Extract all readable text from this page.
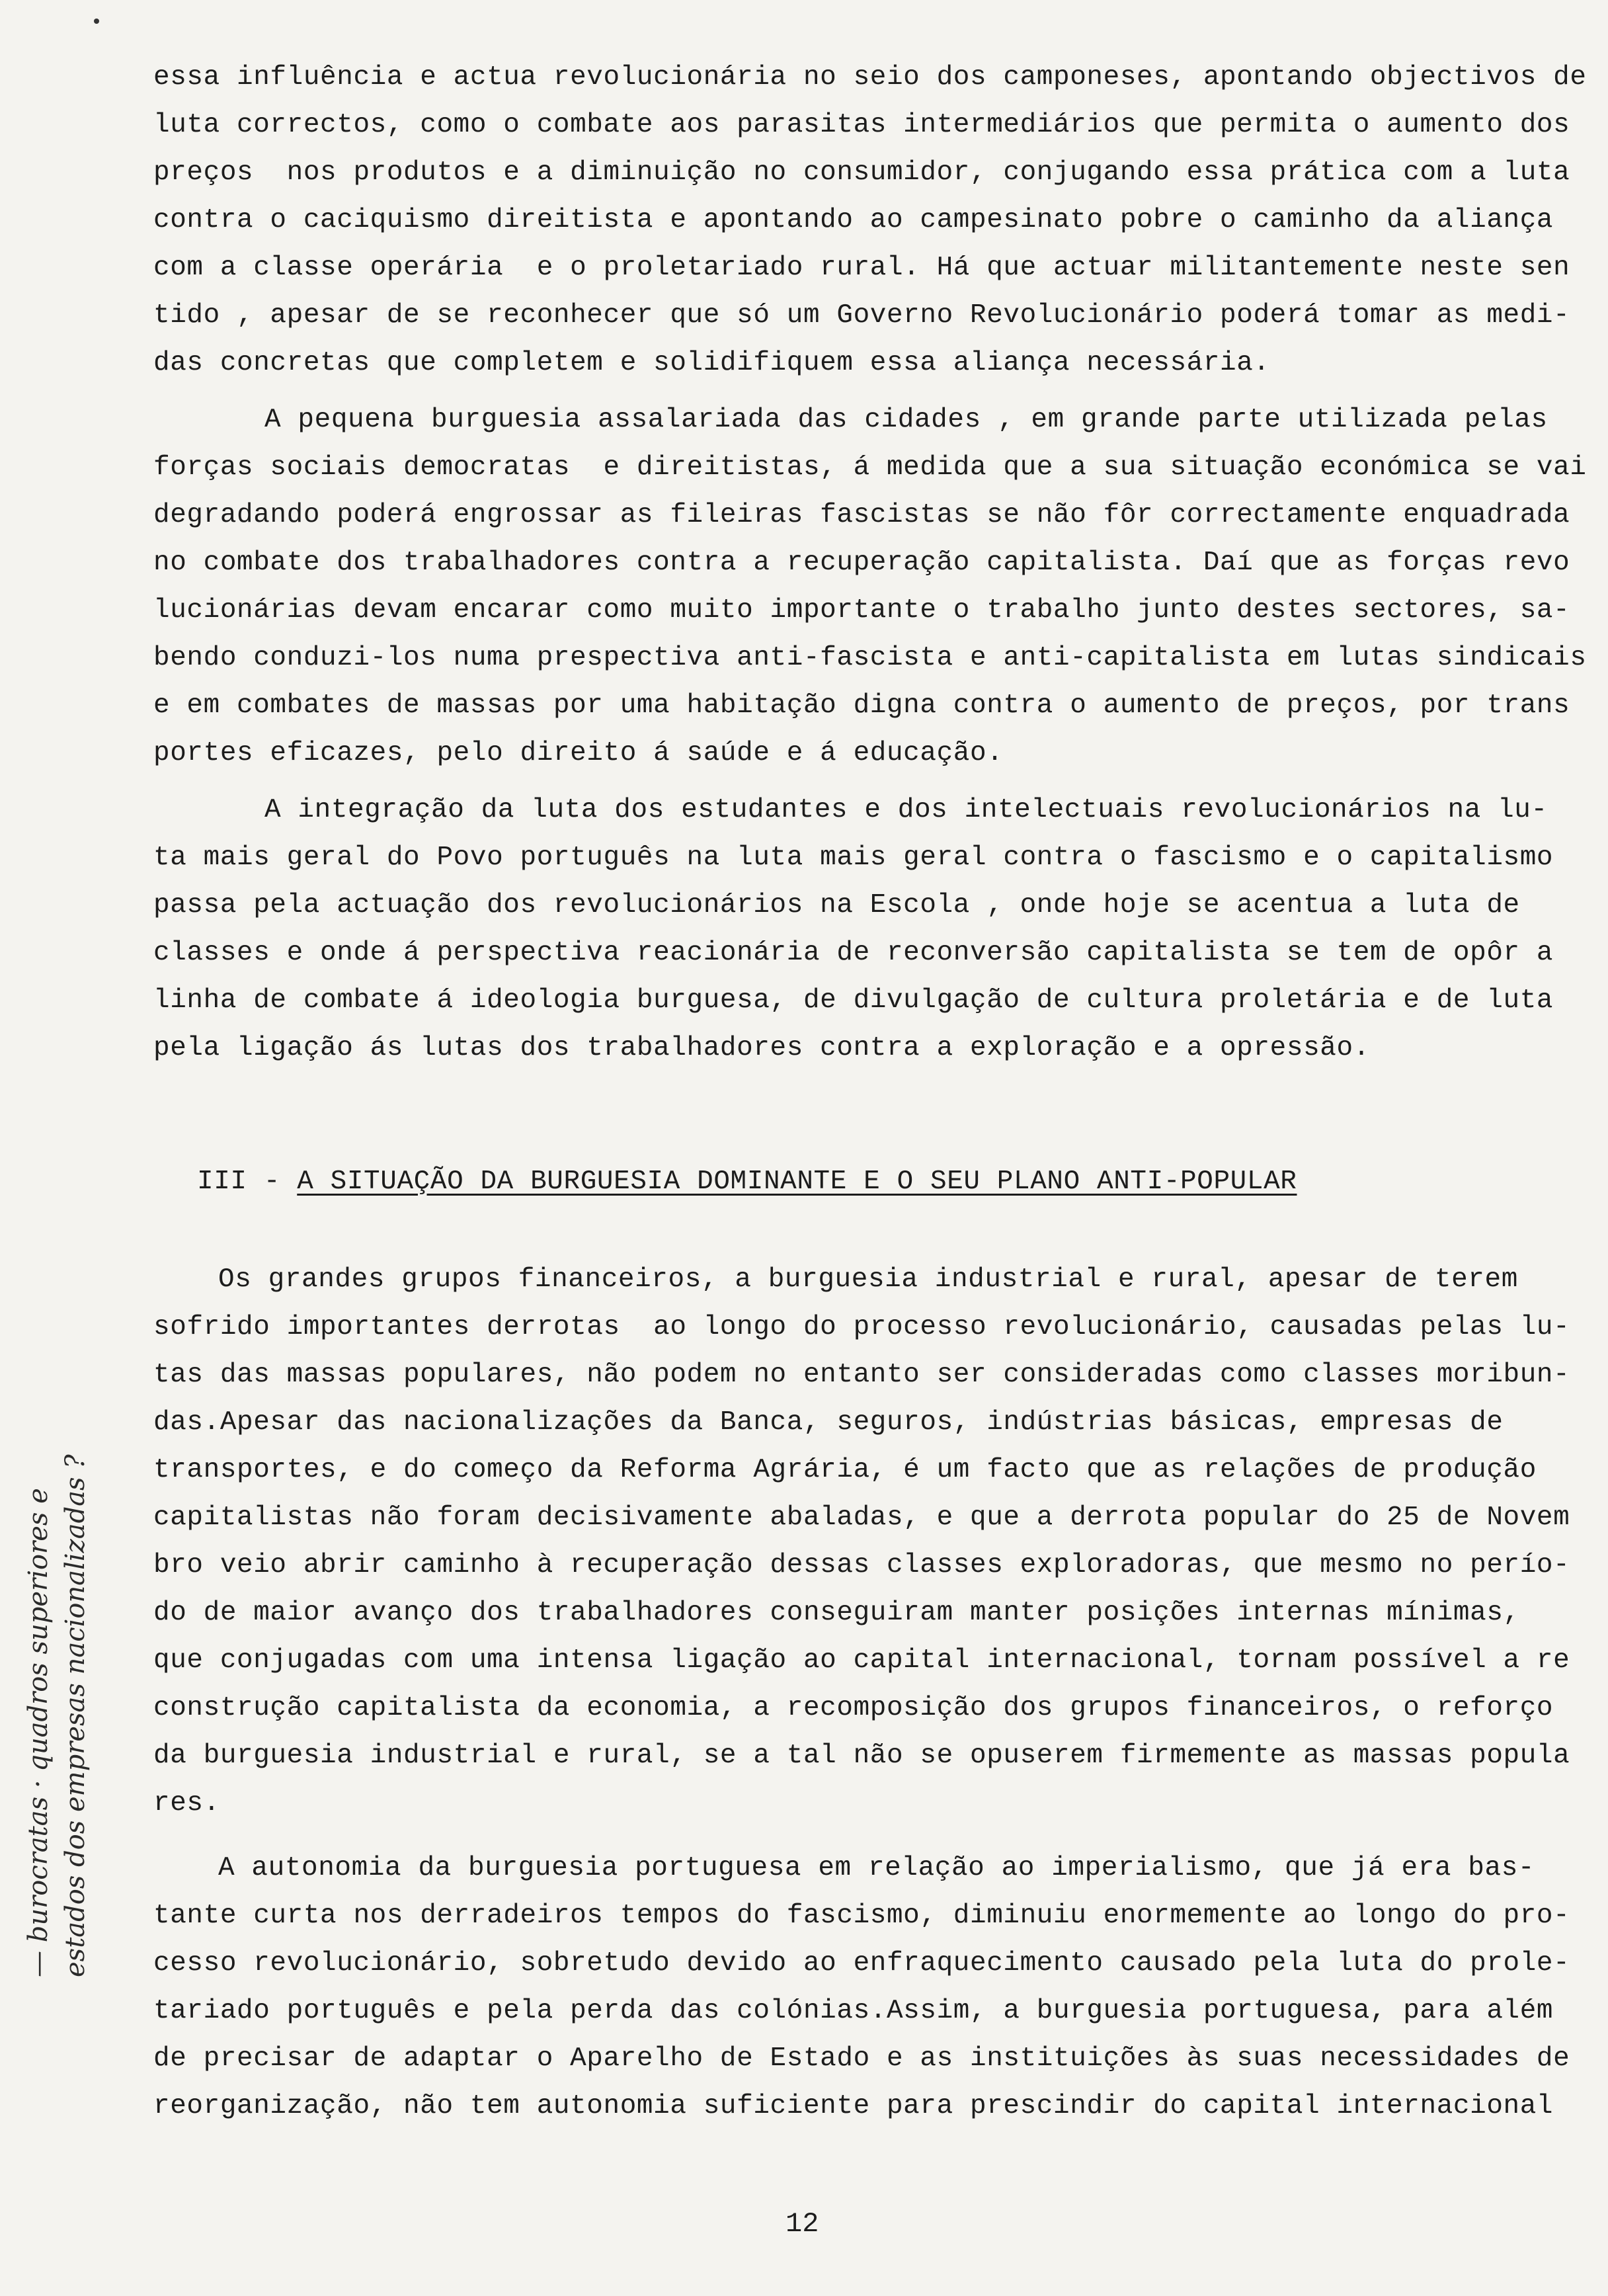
essa influência e actua revolucionária no seio dos camponeses, apontando objectivos de
luta correctos, como o combate aos parasitas intermediários que permita o aumento dos
preços  nos produtos e a diminuição no consumidor, conjugando essa prática com a luta
contra o caciquismo direitista e apontando ao campesinato pobre o caminho da aliança
com a classe operária  e o proletariado rural. Há que actuar militantemente neste sen
tido , apesar de se reconhecer que só um Governo Revolucionário poderá tomar as medi-
das concretas que completem e solidifiquem essa aliança necessária.
A pequena burguesia assalariada das cidades , em grande parte utilizada pelas
forças sociais democratas  e direitistas, á medida que a sua situação económica se vai
degradando poderá engrossar as fileiras fascistas se não fôr correctamente enquadrada
no combate dos trabalhadores contra a recuperação capitalista. Daí que as forças revo
lucionárias devam encarar como muito importante o trabalho junto destes sectores, sa-
bendo conduzi-los numa prespectiva anti-fascista e anti-capitalista em lutas sindicais
e em combates de massas por uma habitação digna contra o aumento de preços, por trans
portes eficazes, pelo direito á saúde e á educação.
A integração da luta dos estudantes e dos intelectuais revolucionários na lu-
ta mais geral do Povo português na luta mais geral contra o fascismo e o capitalismo
passa pela actuação dos revolucionários na Escola , onde hoje se acentua a luta de
classes e onde á perspectiva reacionária de reconversão capitalista se tem de opôr a
linha de combate á ideologia burguesa, de divulgação de cultura proletária e de luta
pela ligação ás lutas dos trabalhadores contra a exploração e a opressão.
III - A SITUAÇÃO DA BURGUESIA DOMINANTE E O SEU PLANO ANTI-POPULAR
Os grandes grupos financeiros, a burguesia industrial e rural, apesar de terem
sofrido importantes derrotas  ao longo do processo revolucionário, causadas pelas lu-
tas das massas populares, não podem no entanto ser consideradas como classes moribun-
das.Apesar das nacionalizações da Banca, seguros, indústrias básicas, empresas de
transportes, e do começo da Reforma Agrária, é um facto que as relações de produção
capitalistas não foram decisivamente abaladas, e que a derrota popular do 25 de Novem
bro veio abrir caminho à recuperação dessas classes exploradoras, que mesmo no perío-
do de maior avanço dos trabalhadores conseguiram manter posições internas mínimas,
que conjugadas com uma intensa ligação ao capital internacional, tornam possível a re
construção capitalista da economia, a recomposição dos grupos financeiros, o reforço
da burguesia industrial e rural, se a tal não se opuserem firmemente as massas popula
res.
A autonomia da burguesia portuguesa em relação ao imperialismo, que já era bas-
tante curta nos derradeiros tempos do fascismo, diminuiu enormemente ao longo do pro-
cesso revolucionário, sobretudo devido ao enfraquecimento causado pela luta do prole-
tariado português e pela perda das colónias.Assim, a burguesia portuguesa, para além
de precisar de adaptar o Aparelho de Estado e as instituições às suas necessidades de
reorganização, não tem autonomia suficiente para prescindir do capital internacional
— burocratas · quadros superiores e
estados dos empresas nacionalizadas ?
12
